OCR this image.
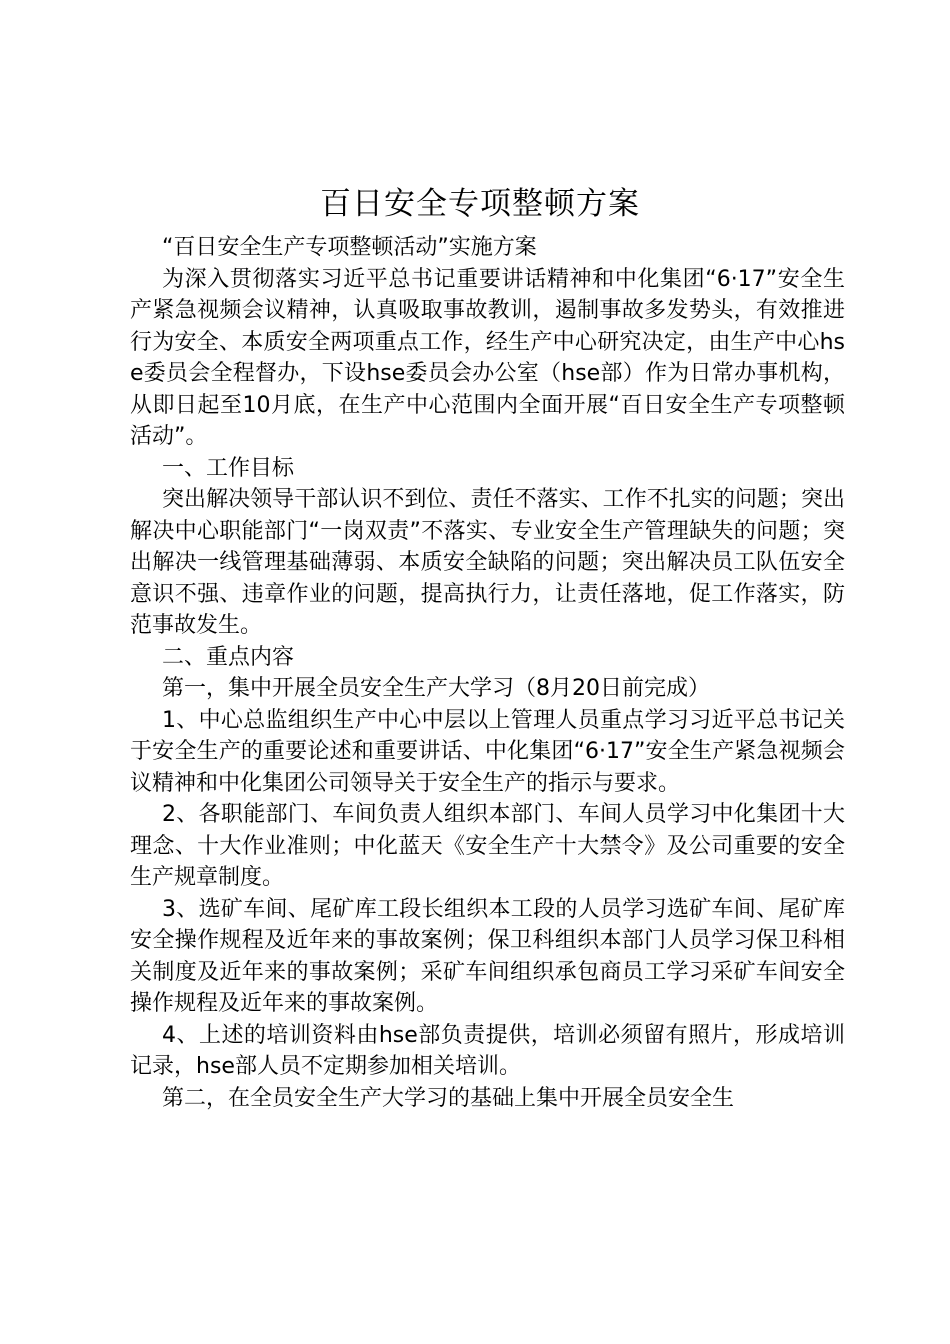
百日安全专项整顿方案

“百日安全生产专项整顿活动”实施方案

为深入贯彻落实习近平总书记重要讲话精神和中化集团“6·17”安全生产紧急视频会议精神，认真吸取事故教训，遏制事故多发势头，有效推进行为安全、本质安全两项重点工作，经生产中心研究决定，由生产中心hse委员会全程督办，下设hse委员会办公室（hse部）作为日常办事机构，从即日起至10月底，在生产中心范围内全面开展“百日安全生产专项整顿活动”。

一、工作目标

突出解决领导干部认识不到位、责任不落实、工作不扎实的问题；突出解决中心职能部门“一岗双责”不落实、专业安全生产管理缺失的问题；突出解决一线管理基础薄弱、本质安全缺陷的问题；突出解决员工队伍安全意识不强、违章作业的问题，提高执行力，让责任落地，促工作落实，防范事故发生。

二、重点内容

第一，集中开展全员安全生产大学习（8月20日前完成）

1、中心总监组织生产中心中层以上管理人员重点学习习近平总书记关于安全生产的重要论述和重要讲话、中化集团“6·17”安全生产紧急视频会议精神和中化集团公司领导关于安全生产的指示与要求。

2、各职能部门、车间负责人组织本部门、车间人员学习中化集团十大理念、十大作业准则；中化蓝天《安全生产十大禁令》及公司重要的安全生产规章制度。

3、选矿车间、尾矿库工段长组织本工段的人员学习选矿车间、尾矿库安全操作规程及近年来的事故案例；保卫科组织本部门人员学习保卫科相关制度及近年来的事故案例；采矿车间组织承包商员工学习采矿车间安全操作规程及近年来的事故案例。

4、上述的培训资料由hse部负责提供，培训必须留有照片，形成培训记录，hse部人员不定期参加相关培训。

第二，在全员安全生产大学习的基础上集中开展全员安全生
